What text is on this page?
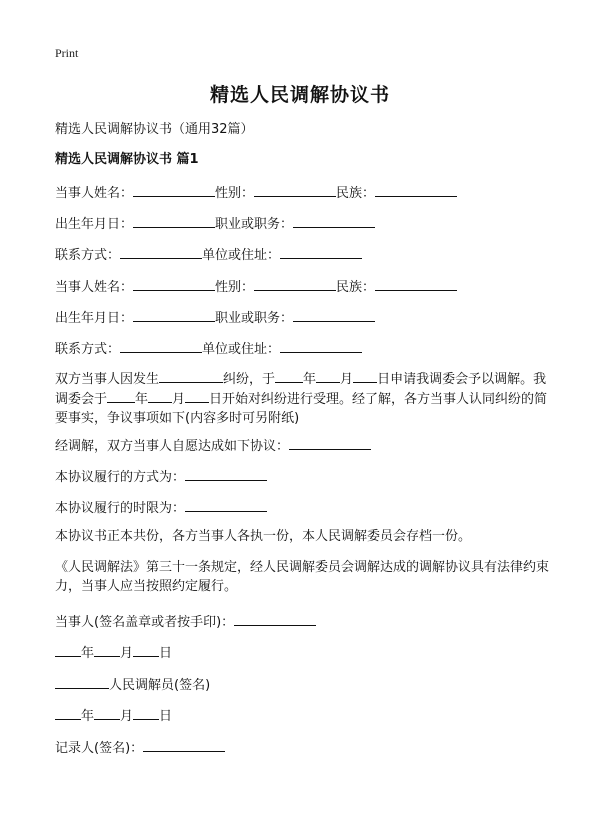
Print
精选人民调解协议书
精选人民调解协议书（通用32篇）
精选人民调解协议书 篇1
当事人姓名：	性别：	民族：
出生年月日：	职业或职务：
联系方式：	单位或住址：
当事人姓名：	性别：	民族：
出生年月日：	职业或职务：
联系方式：	单位或住址：
双方当事人因发生	纠纷，于 年 月 日申请我调委会予以调解。我调委会于 年 月 日开始对纠纷进行受理。经了解，各方当事人认同纠纷的简要事实，争议事项如下(内容多时可另附纸)
经调解，双方当事人自愿达成如下协议：
本协议履行的方式为：
本协议履行的时限为：
本协议书正本共份，各方当事人各执一份，本人民调解委员会存档一份。
《人民调解法》第三十一条规定，经人民调解委员会调解达成的调解协议具有法律约束力，当事人应当按照约定履行。
当事人(签名盖章或者按手印)：
年 月 日
人民调解员(签名)
年 月 日
记录人(签名)：
